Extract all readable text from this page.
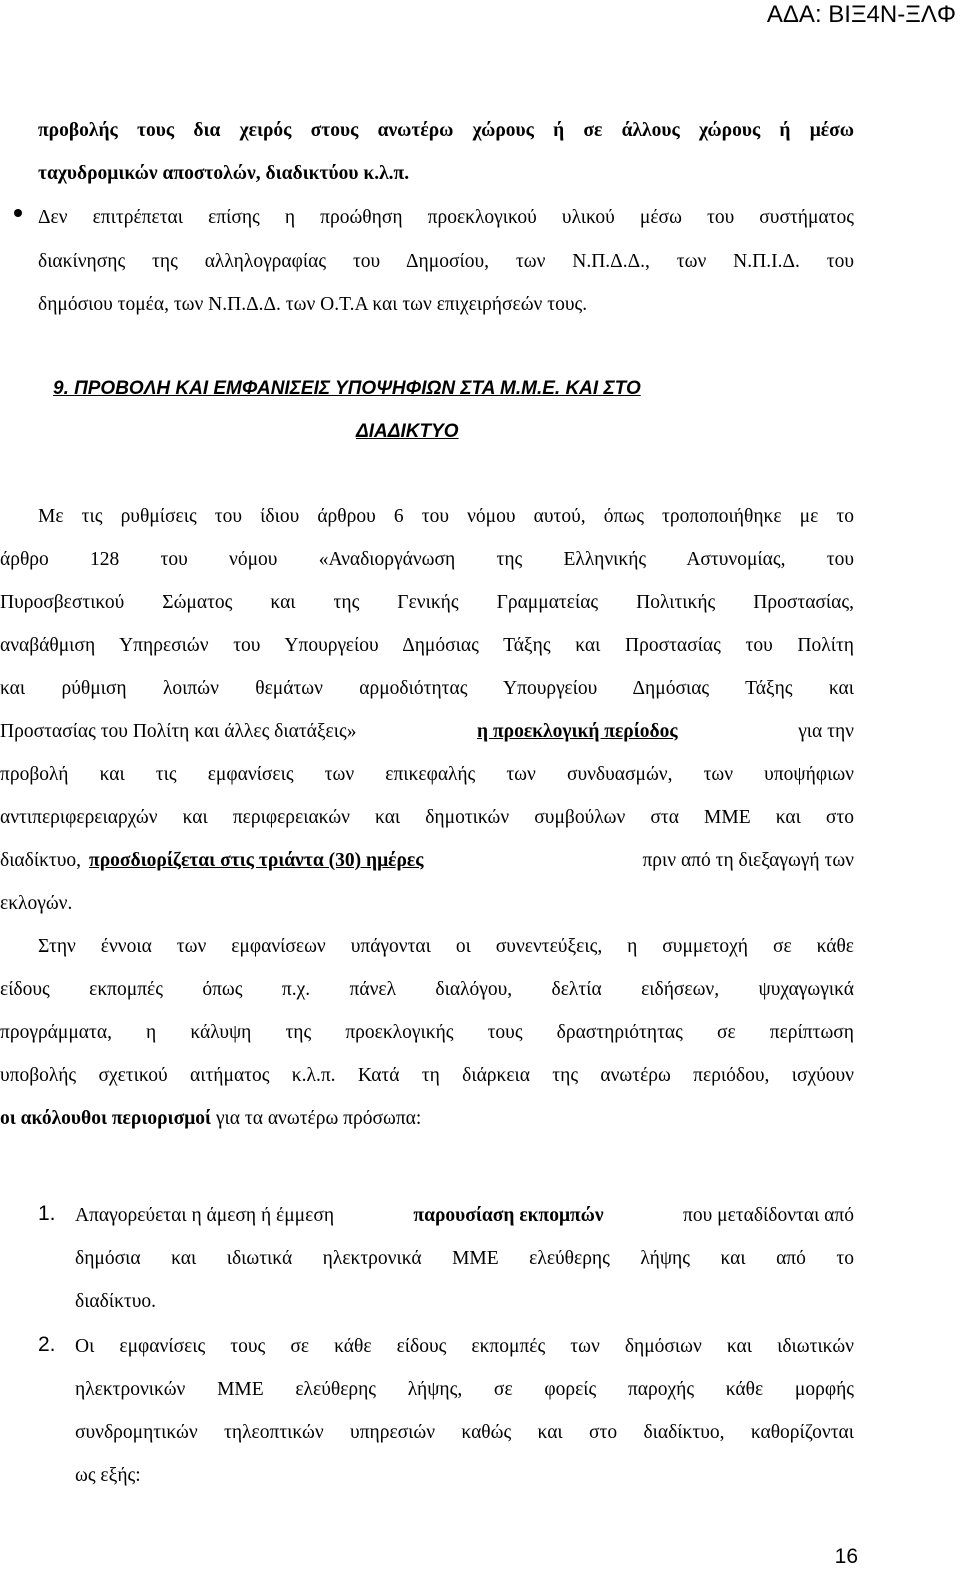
ΑΔΑ: ΒΙΞ4Ν-ΞΛΦ
προβολής τους δια χειρός στους ανωτέρω χώρους ή σε άλλους χώρους ή μέσω
ταχυδρομικών αποστολών, διαδικτύου κ.λ.π.
Δεν επιτρέπεται επίσης η προώθηση προεκλογικού υλικού μέσω του συστήματος
διακίνησης της αλληλογραφίας του Δημοσίου, των Ν.Π.Δ.Δ., των Ν.Π.Ι.Δ. του
δημόσιου τομέα, των Ν.Π.Δ.Δ. των Ο.Τ.Α και των επιχειρήσεών τους.
9. ΠΡΟΒΟΛΗ ΚΑΙ ΕΜΦΑΝΙΣΕΙΣ ΥΠΟΨΗΦΙΩΝ ΣΤΑ Μ.Μ.Ε. ΚΑΙ ΣΤΟ
ΔΙΑΔΙΚΤΥΟ
Με τις ρυθμίσεις του ίδιου άρθρου 6 του νόμου αυτού, όπως τροποποιήθηκε με το
άρθρο 128 του νόμου «Αναδιοργάνωση της Ελληνικής Αστυνομίας, του
Πυροσβεστικού Σώματος και της Γενικής Γραμματείας Πολιτικής Προστασίας,
αναβάθμιση Υπηρεσιών του Υπουργείου Δημόσιας Τάξης και Προστασίας του Πολίτη
και ρύθμιση λοιπών θεμάτων αρμοδιότητας Υπουργείου Δημόσιας Τάξης και
Προστασίας του Πολίτη και άλλες διατάξεις»	η προεκλογική περίοδος	για την
προβολή και τις εμφανίσεις των επικεφαλής των συνδυασμών, των υποψήφιων
αντιπεριφερειαρχών και περιφερειακών και δημοτικών συμβούλων στα ΜΜΕ και στο
διαδίκτυο, προσδιορίζεται στις τριάντα (30) ημέρες	πριν από τη διεξαγωγή των
εκλογών.
Στην έννοια των εμφανίσεων υπάγονται οι συνεντεύξεις, η συμμετοχή σε κάθε
είδους εκπομπές όπως π.χ. πάνελ διαλόγου, δελτία ειδήσεων, ψυχαγωγικά
προγράμματα, η κάλυψη της προεκλογικής τους δραστηριότητας σε περίπτωση
υποβολής σχετικού αιτήματος κ.λ.π. Κατά τη διάρκεια της ανωτέρω περιόδου, ισχύουν
οι ακόλουθοι περιορισμοί για τα ανωτέρω πρόσωπα:
1. Απαγορεύεται η άμεση ή έμμεση	παρουσίαση εκπομπών	που μεταδίδονται από
δημόσια και ιδιωτικά ηλεκτρονικά ΜΜΕ ελεύθερης λήψης και από το
διαδίκτυο.
2. Οι εμφανίσεις τους σε κάθε είδους εκπομπές των δημόσιων και ιδιωτικών
ηλεκτρονικών ΜΜΕ ελεύθερης λήψης, σε φορείς παροχής κάθε μορφής
συνδρομητικών τηλεοπτικών υπηρεσιών καθώς και στο διαδίκτυο, καθορίζονται
ως εξής:
16
